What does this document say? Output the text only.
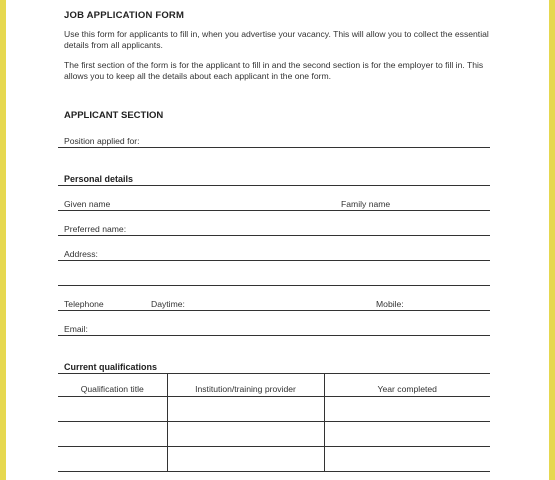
JOB APPLICATION FORM
Use this form for applicants to fill in, when you advertise your vacancy. This will allow you to collect the essential details from all applicants.
The first section of the form is for the applicant to fill in and the second section is for the employer to fill in. This allows you to keep all the details about each applicant in the one form.
APPLICANT SECTION
Position applied for:
Personal details
Given name	Family name
Preferred name:
Address:
Telephone	Daytime:	Mobile:
Email:
Current qualifications
Qualification title	Institution/training provider	Year completed
